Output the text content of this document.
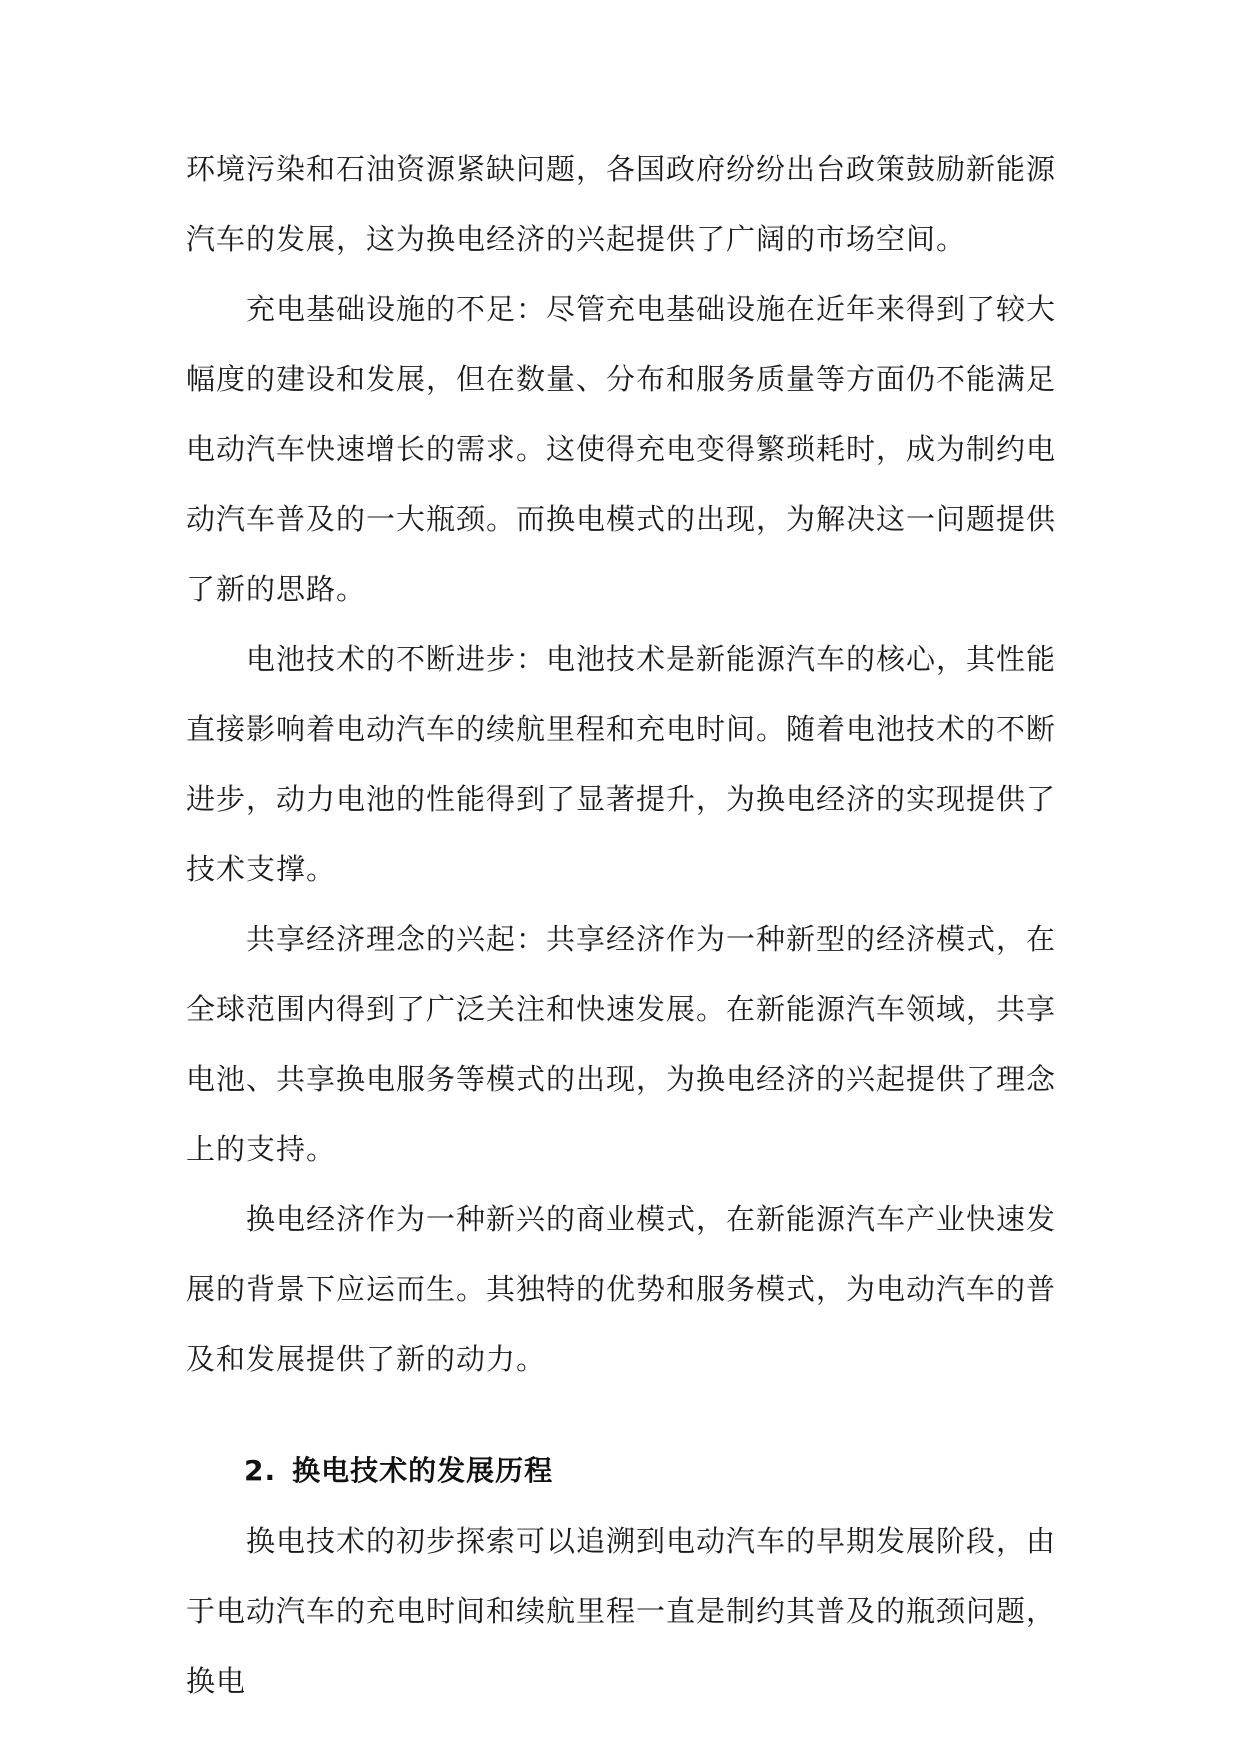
环境污染和石油资源紧缺问题，各国政府纷纷出台政策鼓励新能源汽车的发展，这为换电经济的兴起提供了广阔的市场空间。

充电基础设施的不足：尽管充电基础设施在近年来得到了较大幅度的建设和发展，但在数量、分布和服务质量等方面仍不能满足电动汽车快速增长的需求。这使得充电变得繁琐耗时，成为制约电动汽车普及的一大瓶颈。而换电模式的出现，为解决这一问题提供了新的思路。

电池技术的不断进步：电池技术是新能源汽车的核心，其性能直接影响着电动汽车的续航里程和充电时间。随着电池技术的不断进步，动力电池的性能得到了显著提升，为换电经济的实现提供了技术支撑。

共享经济理念的兴起：共享经济作为一种新型的经济模式，在全球范围内得到了广泛关注和快速发展。在新能源汽车领域，共享电池、共享换电服务等模式的出现，为换电经济的兴起提供了理念上的支持。

换电经济作为一种新兴的商业模式，在新能源汽车产业快速发展的背景下应运而生。其独特的优势和服务模式，为电动汽车的普及和发展提供了新的动力。

2. 换电技术的发展历程

换电技术的初步探索可以追溯到电动汽车的早期发展阶段，由于电动汽车的充电时间和续航里程一直是制约其普及的瓶颈问题，换电
